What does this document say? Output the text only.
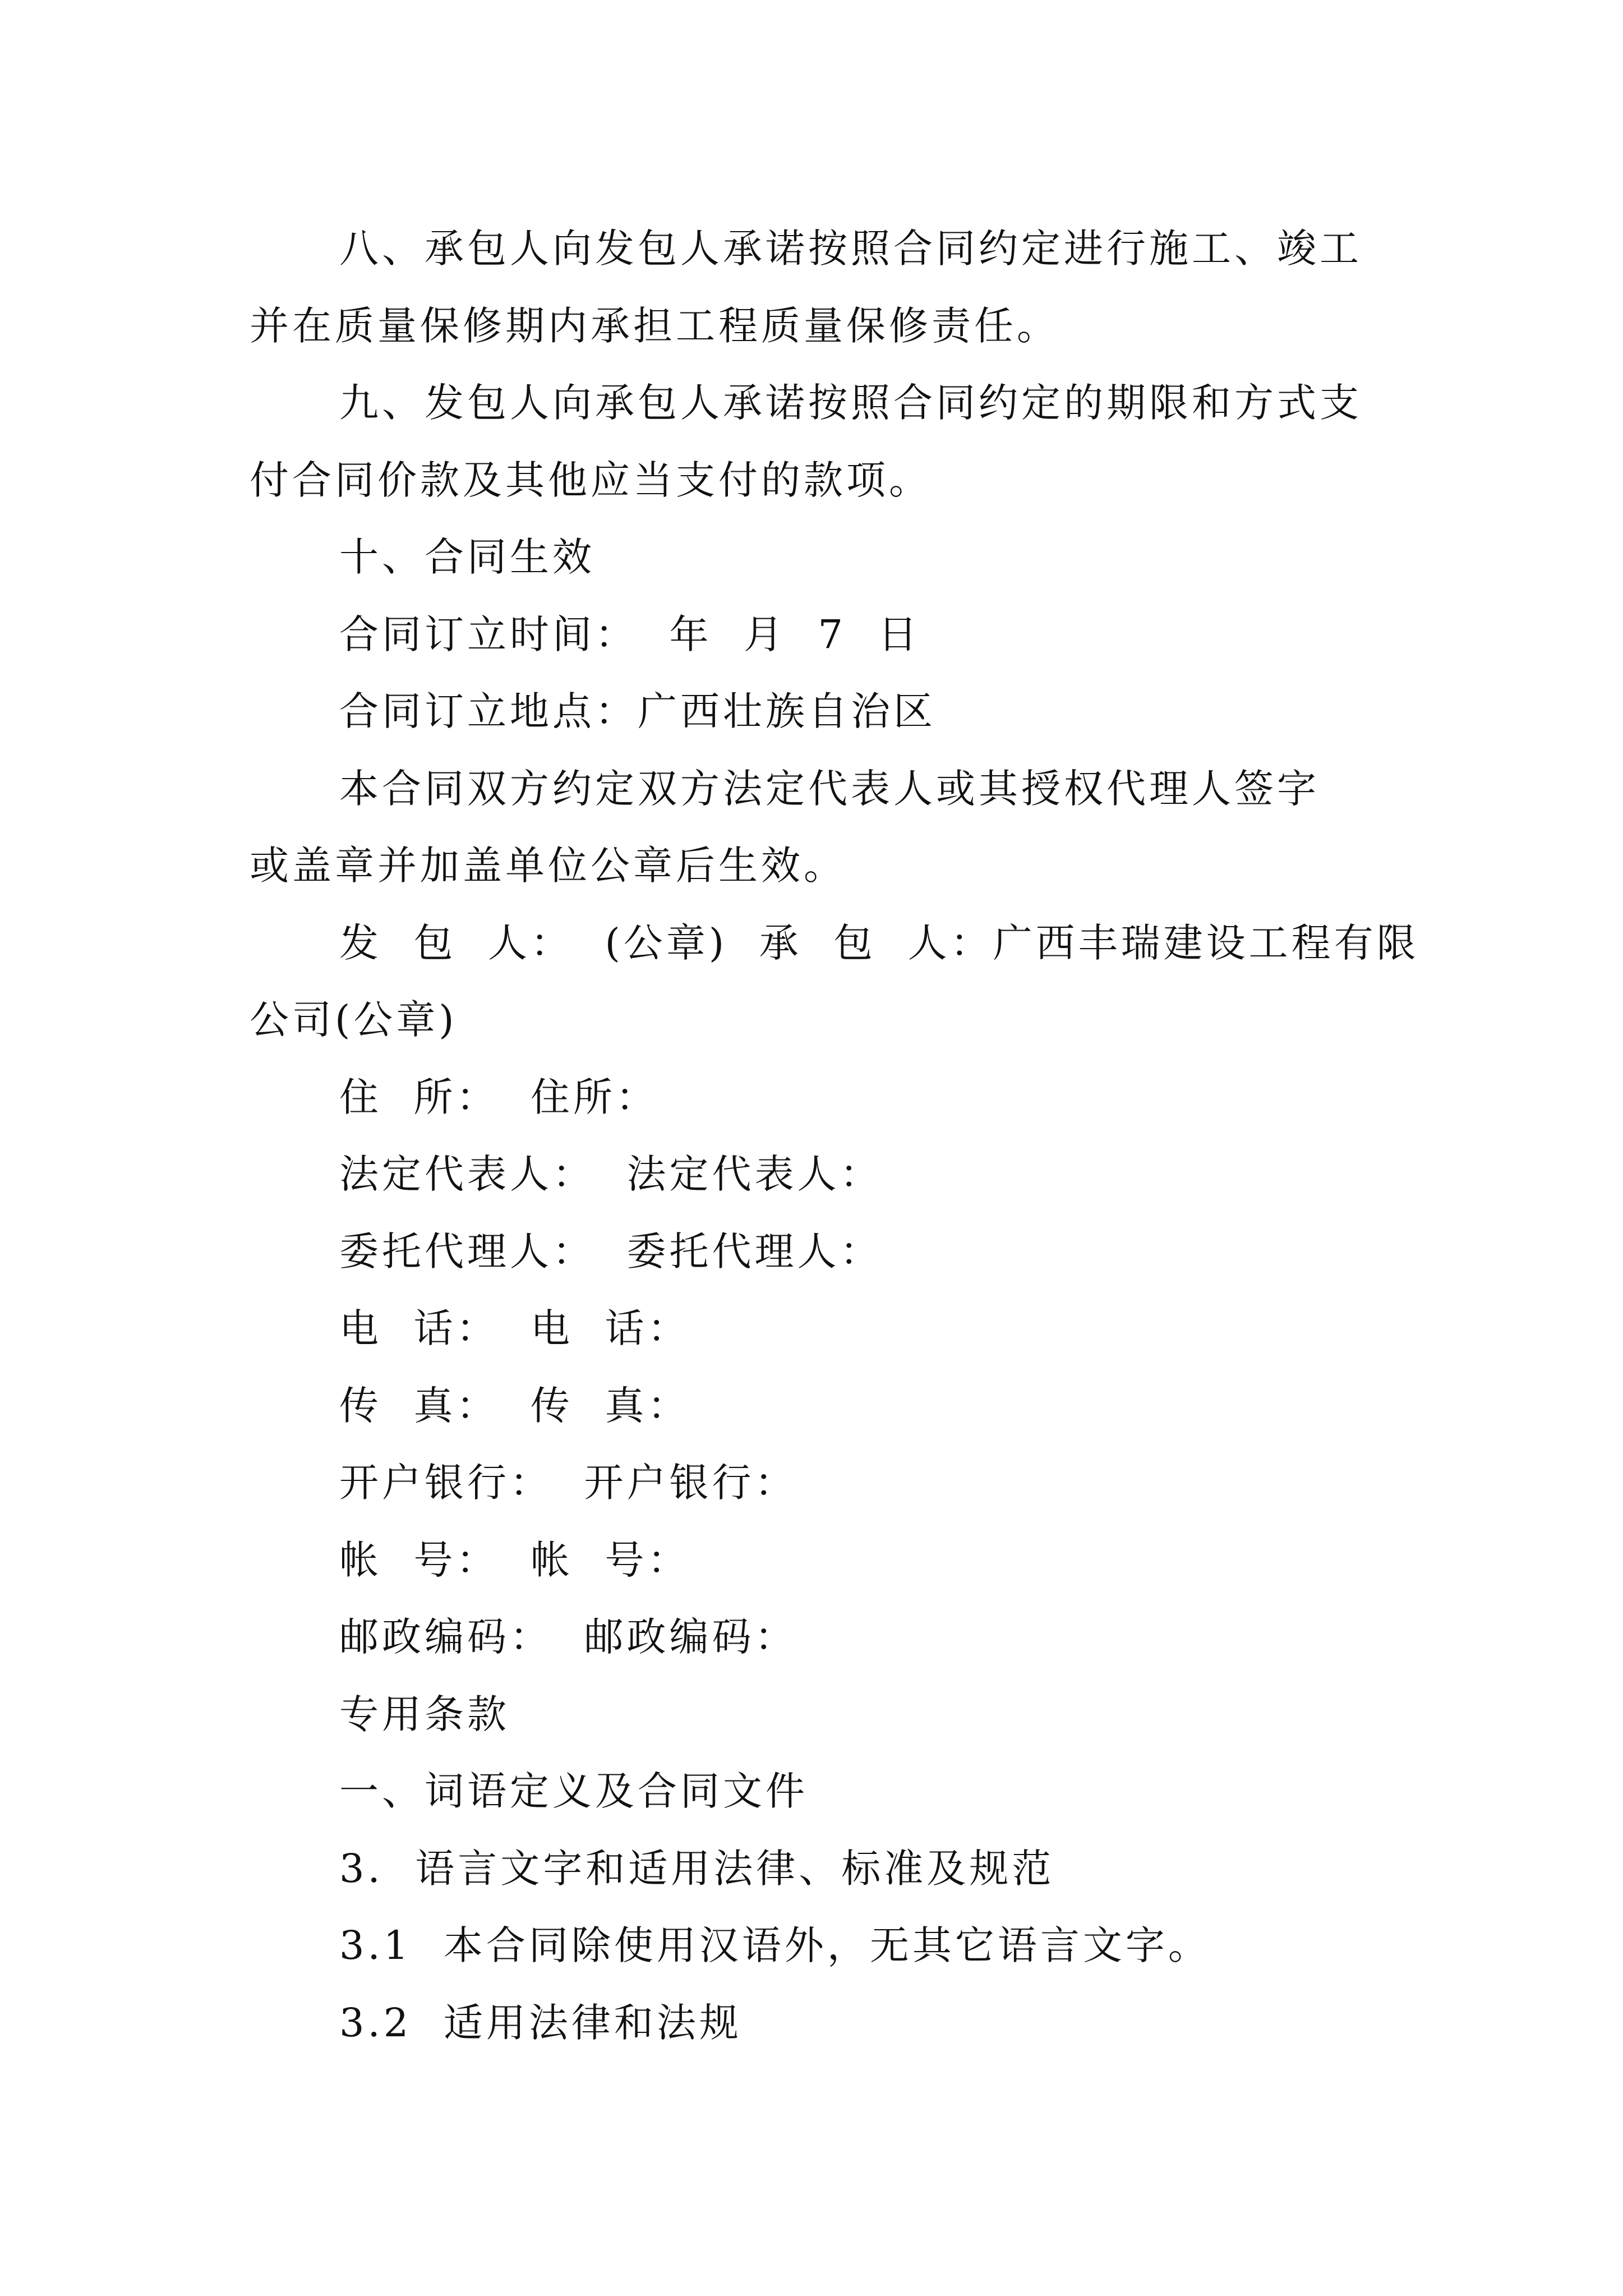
八、承包人向发包人承诺按照合同约定进行施工、竣工
并在质量保修期内承担工程质量保修责任。
九、发包人向承包人承诺按照合同约定的期限和方式支
付合同价款及其他应当支付的款项。
十、合同生效
合同订立时间：  年  月  7  日
合同订立地点：广西壮族自治区
本合同双方约定双方法定代表人或其授权代理人签字
或盖章并加盖单位公章后生效。
发  包  人：  (公章)  承  包  人：广西丰瑞建设工程有限
公司(公章)
住  所：  住所：
法定代表人：  法定代表人：
委托代理人：  委托代理人：
电  话：  电  话：
传  真：  传  真：
开户银行：  开户银行：
帐  号：  帐  号：
邮政编码：  邮政编码：
专用条款
一、词语定义及合同文件
3.  语言文字和适用法律、标准及规范
3.1  本合同除使用汉语外，无其它语言文字。
3.2  适用法律和法规
